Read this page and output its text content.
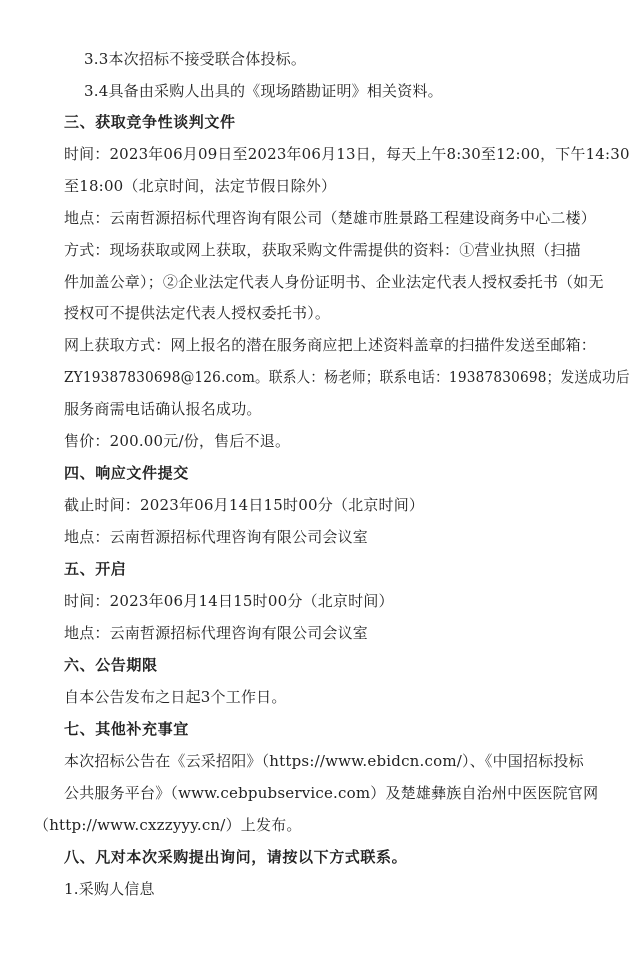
3.3本次招标不接受联合体投标。
3.4具备由采购人出具的《现场踏勘证明》相关资料。
三、获取竞争性谈判文件
时间：2023年06月09日至2023年06月13日，每天上午8:30至12:00，下午14:30
至18:00（北京时间，法定节假日除外）
地点：云南哲源招标代理咨询有限公司（楚雄市胜景路工程建设商务中心二楼）
方式：现场获取或网上获取，获取采购文件需提供的资料：①营业执照（扫描
件加盖公章）；②企业法定代表人身份证明书、企业法定代表人授权委托书（如无
授权可不提供法定代表人授权委托书）。
网上获取方式：网上报名的潜在服务商应把上述资料盖章的扫描件发送至邮箱：
ZY19387830698@126.com。联系人：杨老师；联系电话：19387830698；发送成功后
服务商需电话确认报名成功。
售价：200.00元/份，售后不退。
四、响应文件提交
截止时间：2023年06月14日15时00分（北京时间）
地点：云南哲源招标代理咨询有限公司会议室
五、开启
时间：2023年06月14日15时00分（北京时间）
地点：云南哲源招标代理咨询有限公司会议室
六、公告期限
自本公告发布之日起3个工作日。
七、其他补充事宜
本次招标公告在《云采招阳》（https://www.ebidcn.com/）、《中国招标投标
公共服务平台》（www.cebpubservice.com）及楚雄彝族自治州中医医院官网
（http://www.cxzzyyy.cn/）上发布。
八、凡对本次采购提出询问，请按以下方式联系。
1.采购人信息
